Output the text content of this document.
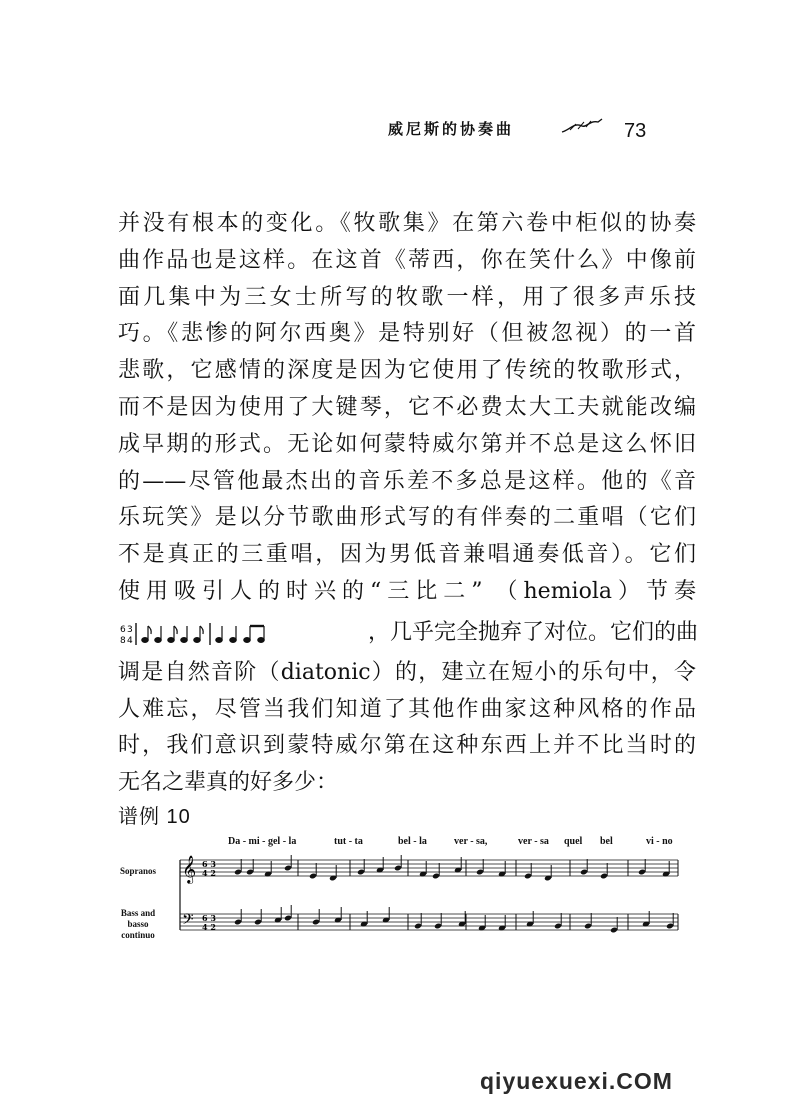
威尼斯的协奏曲	73
并没有根本的变化。《牧歌集》在第六卷中柜似的协奏
曲作品也是这样。在这首《蒂西，你在笑什么》中像前
面几集中为三女士所写的牧歌一样，用了很多声乐技
巧。《悲惨的阿尔西奥》是特别好（但被忽视）的一首
悲歌，它感情的深度是因为它使用了传统的牧歌形式，
而不是因为使用了大键琴，它不必费太大工夫就能改编
成早期的形式。无论如何蒙特威尔第并不总是这么怀旧
的——尽管他最杰出的音乐差不多总是这样。他的《音
乐玩笑》是以分节歌曲形式写的有伴奏的二重唱（它们
不是真正的三重唱，因为男低音兼唱通奏低音）。它们
使用吸引人的时兴的“三比二” （hemiola）节奏
6
8
3
4	，几乎完全抛弃了对位。它们的曲
调是自然音阶（diatonic）的，建立在短小的乐句中，令
人难忘，尽管当我们知道了其他作曲家这种风格的作品
时，我们意识到蒙特威尔第在这种东西上并不比当时的
无名之辈真的好多少：
谱例 10
Sopranos
Bass and
basso
continuo
Da - mi - gel - la	tut - ta	bel - la	ver - sa,	ver - sa quel bel	vi - no
𝄞
𝄢
6 3
4 2
6 3
4 2
qiyuexuexi.COM
